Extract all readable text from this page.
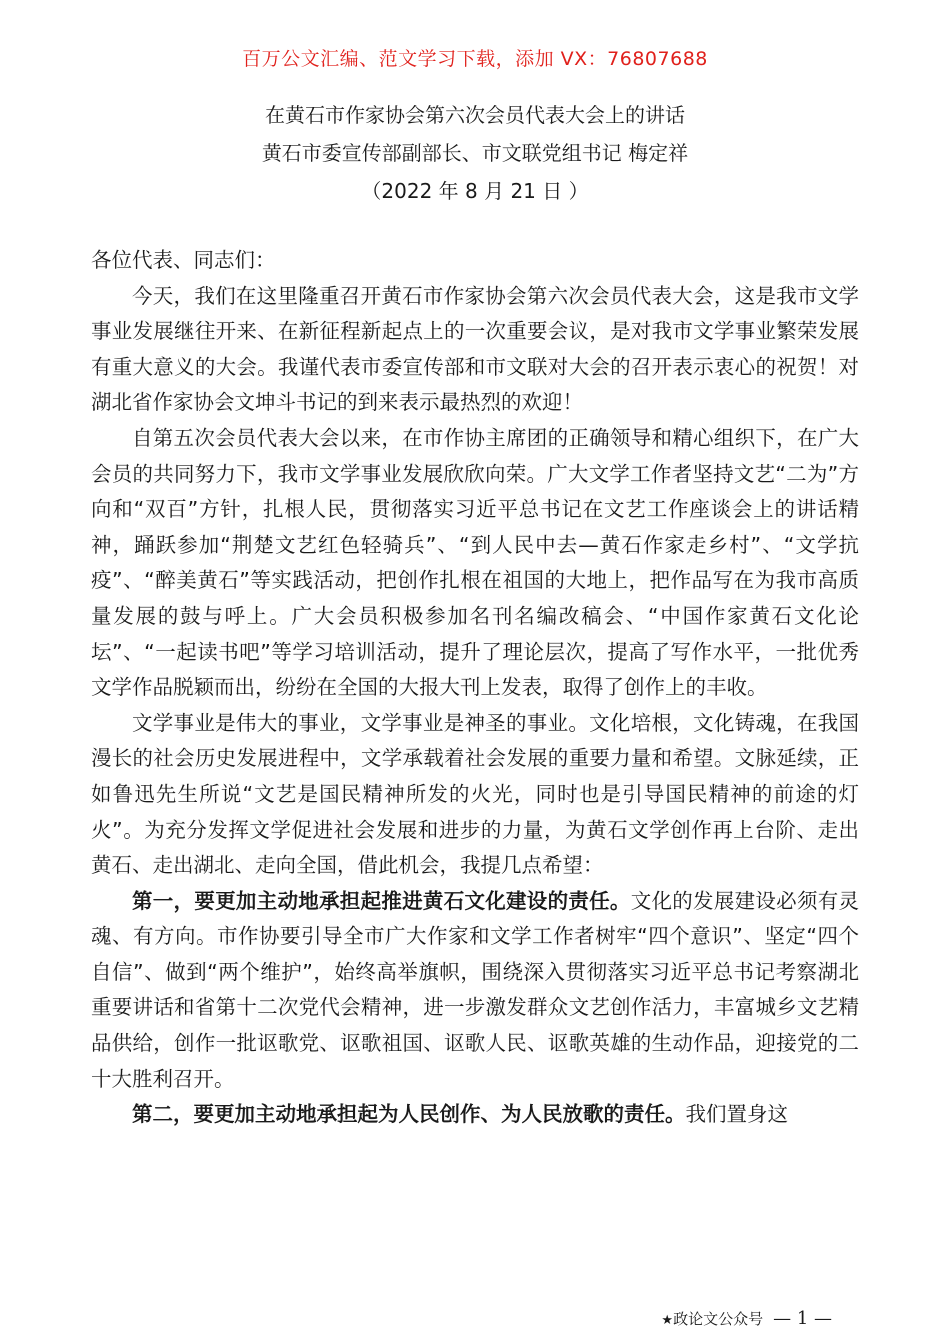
百万公文汇编、范文学习下载，添加 VX：76807688
在黄石市作家协会第六次会员代表大会上的讲话
黄石市委宣传部副部长、市文联党组书记 梅定祥
（2022 年 8 月 21 日 ）

各位代表、同志们：

今天，我们在这里隆重召开黄石市作家协会第六次会员代表大会，这是我市文学事业发展继往开来、在新征程新起点上的一次重要会议，是对我市文学事业繁荣发展有重大意义的大会。我谨代表市委宣传部和市文联对大会的召开表示衷心的祝贺！对湖北省作家协会文坤斗书记的到来表示最热烈的欢迎！

自第五次会员代表大会以来，在市作协主席团的正确领导和精心组织下，在广大会员的共同努力下，我市文学事业发展欣欣向荣。广大文学工作者坚持文艺“二为”方向和“双百”方针，扎根人民，贯彻落实习近平总书记在文艺工作座谈会上的讲话精神，踊跃参加“荆楚文艺红色轻骑兵”、“到人民中去—黄石作家走乡村”、“文学抗疫”、“醉美黄石”等实践活动，把创作扎根在祖国的大地上，把作品写在为我市高质量发展的鼓与呼上。广大会员积极参加名刊名编改稿会、“中国作家黄石文化论坛”、“一起读书吧”等学习培训活动，提升了理论层次，提高了写作水平，一批优秀文学作品脱颖而出，纷纷在全国的大报大刊上发表，取得了创作上的丰收。

文学事业是伟大的事业，文学事业是神圣的事业。文化培根，文化铸魂，在我国漫长的社会历史发展进程中，文学承载着社会发展的重要力量和希望。文脉延续，正如鲁迅先生所说“文艺是国民精神所发的火光，同时也是引导国民精神的前途的灯火”。为充分发挥文学促进社会发展和进步的力量，为黄石文学创作再上台阶、走出黄石、走出湖北、走向全国，借此机会，我提几点希望：

第一，要更加主动地承担起推进黄石文化建设的责任。文化的发展建设必须有灵魂、有方向。市作协要引导全市广大作家和文学工作者树牢“四个意识”、坚定“四个自信”、做到“两个维护”，始终高举旗帜，围绕深入贯彻落实习近平总书记考察湖北重要讲话和省第十二次党代会精神，进一步激发群众文艺创作活力，丰富城乡文艺精品供给，创作一批讴歌党、讴歌祖国、讴歌人民、讴歌英雄的生动作品，迎接党的二十大胜利召开。

第二，要更加主动地承担起为人民创作、为人民放歌的责任。我们置身这

★政论文公众号 — 1 —
